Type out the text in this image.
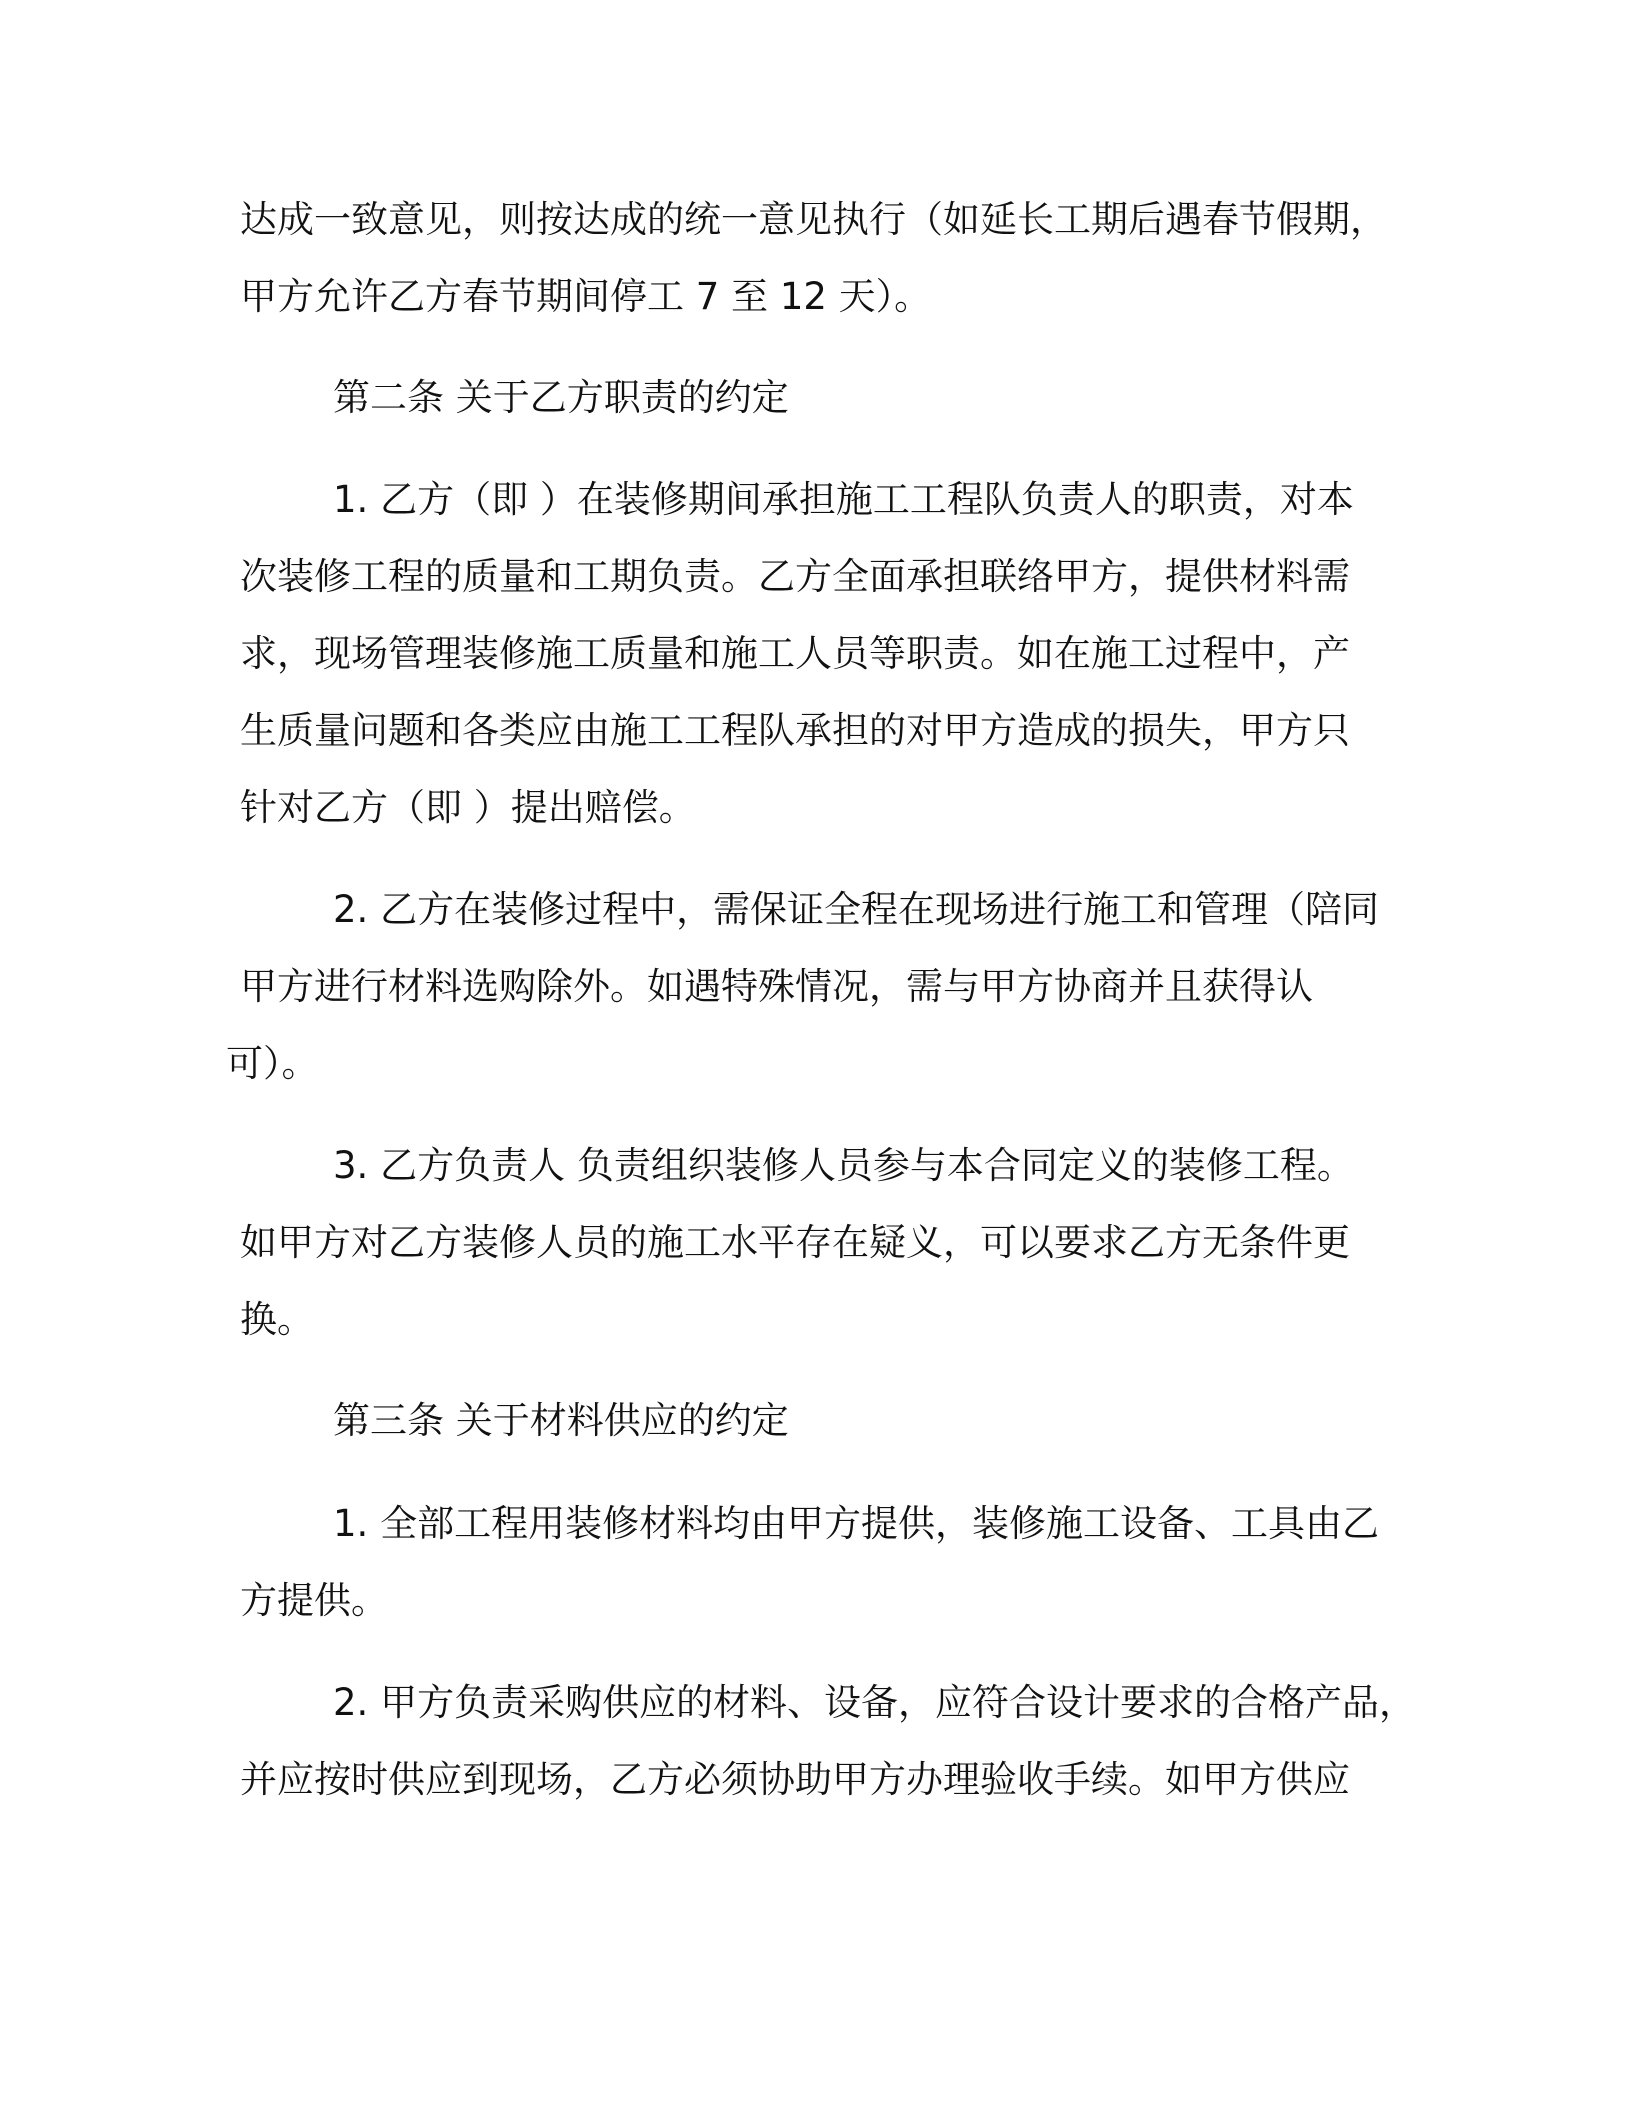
达成一致意见，则按达成的统一意见执行（如延长工期后遇春节假期，
甲方允许乙方春节期间停工 7 至 12 天）。
第二条 关于乙方职责的约定
1. 乙方（即 ）在装修期间承担施工工程队负责人的职责，对本
次装修工程的质量和工期负责。乙方全面承担联络甲方，提供材料需
求，现场管理装修施工质量和施工人员等职责。如在施工过程中，产
生质量问题和各类应由施工工程队承担的对甲方造成的损失，甲方只
针对乙方（即 ）提出赔偿。
2. 乙方在装修过程中，需保证全程在现场进行施工和管理（陪同
甲方进行材料选购除外。如遇特殊情况，需与甲方协商并且获得认
可）。
3. 乙方负责人 负责组织装修人员参与本合同定义的装修工程。
如甲方对乙方装修人员的施工水平存在疑义，可以要求乙方无条件更
换。
第三条 关于材料供应的约定
1. 全部工程用装修材料均由甲方提供，装修施工设备、工具由乙
方提供。
2. 甲方负责采购供应的材料、设备，应符合设计要求的合格产品，
并应按时供应到现场，乙方必须协助甲方办理验收手续。如甲方供应
